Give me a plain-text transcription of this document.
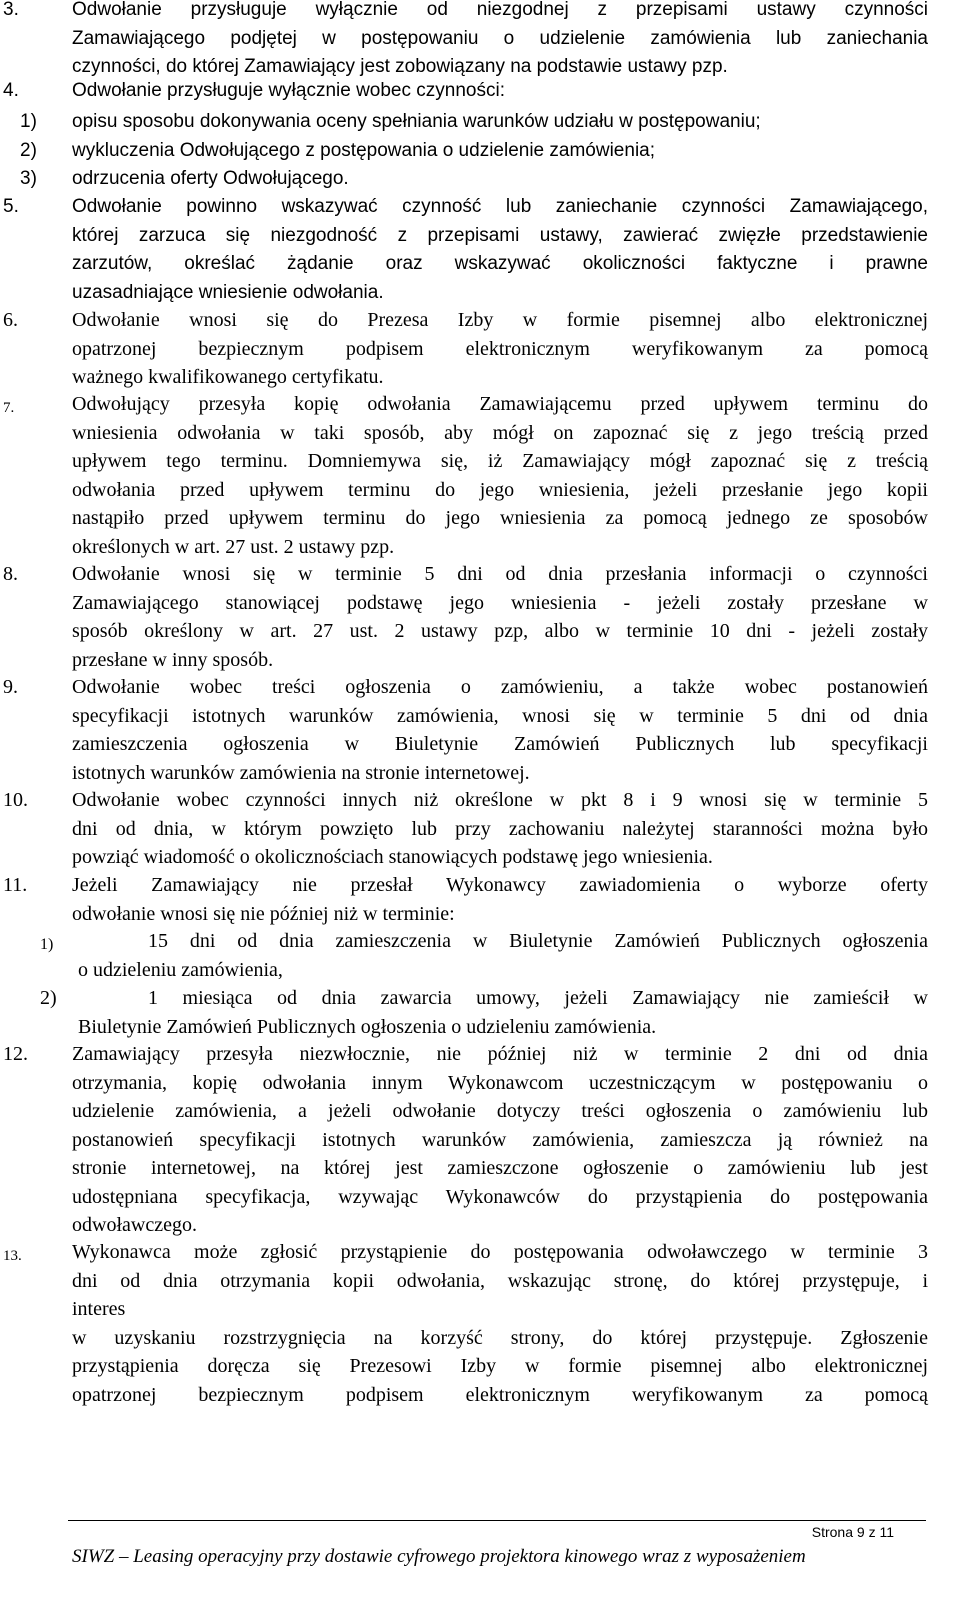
3.	Odwołanie przysługuje wyłącznie od niezgodnej z przepisami ustawy czynności
Zamawiającego podjętej w postępowaniu o udzielenie zamówienia lub zaniechania
czynności, do której Zamawiający jest zobowiązany na podstawie ustawy pzp.
4.	Odwołanie przysługuje wyłącznie wobec czynności:
1) opisu sposobu dokonywania oceny spełniania warunków udziału w postępowaniu;
2) wykluczenia Odwołującego z postępowania o udzielenie zamówienia;
3) odrzucenia oferty Odwołującego.
5.	Odwołanie powinno wskazywać czynność lub zaniechanie czynności Zamawiającego,
której zarzuca się niezgodność z przepisami ustawy, zawierać zwięzłe przedstawienie
zarzutów, określać żądanie oraz wskazywać okoliczności faktyczne i prawne
uzasadniające wniesienie odwołania.
6.	Odwołanie wnosi się do Prezesa Izby w formie pisemnej albo elektronicznej
opatrzonej bezpiecznym podpisem elektronicznym weryfikowanym za pomocą
ważnego kwalifikowanego certyfikatu.
7.	Odwołujący przesyła kopię odwołania Zamawiającemu przed upływem terminu do
wniesienia odwołania w taki sposób, aby mógł on zapoznać się z jego treścią przed
upływem tego terminu. Domniemywa się, iż Zamawiający mógł zapoznać się z treścią
odwołania przed upływem terminu do jego wniesienia, jeżeli przesłanie jego kopii
nastąpiło przed upływem terminu do jego wniesienia za pomocą jednego ze sposobów
określonych w art. 27 ust. 2 ustawy pzp.
8.	Odwołanie wnosi się w terminie 5 dni od dnia przesłania informacji o czynności
Zamawiającego stanowiącej podstawę jego wniesienia - jeżeli zostały przesłane w
sposób określony w art. 27 ust. 2 ustawy pzp, albo w terminie 10 dni - jeżeli zostały
przesłane w inny sposób.
9.	Odwołanie wobec treści ogłoszenia o zamówieniu, a także wobec postanowień
specyfikacji istotnych warunków zamówienia, wnosi się w terminie 5 dni od dnia
zamieszczenia ogłoszenia w Biuletynie Zamówień Publicznych lub specyfikacji
istotnych warunków zamówienia na stronie internetowej.
10. Odwołanie wobec czynności innych niż określone w pkt 8 i 9 wnosi się w terminie 5
dni od dnia, w którym powzięto lub przy zachowaniu należytej staranności można było
powziąć wiadomość o okolicznościach stanowiących podstawę jego wniesienia.
11. Jeżeli Zamawiający nie przesłał Wykonawcy zawiadomienia o wyborze oferty
odwołanie wnosi się nie później niż w terminie:
1)	15 dni od dnia zamieszczenia w Biuletynie Zamówień Publicznych ogłoszenia
o udzieleniu zamówienia,
2)	1 miesiąca od dnia zawarcia umowy, jeżeli Zamawiający nie zamieścił w
Biuletynie Zamówień Publicznych ogłoszenia o udzieleniu zamówienia.
12. Zamawiający przesyła niezwłocznie, nie później niż w terminie 2 dni od dnia
otrzymania, kopię odwołania innym Wykonawcom uczestniczącym w postępowaniu o
udzielenie zamówienia, a jeżeli odwołanie dotyczy treści ogłoszenia o zamówieniu lub
postanowień specyfikacji istotnych warunków zamówienia, zamieszcza ją również na
stronie internetowej, na której jest zamieszczone ogłoszenie o zamówieniu lub jest
udostępniana specyfikacja, wzywając Wykonawców do przystąpienia do postępowania
odwoławczego.
13.	Wykonawca może zgłosić przystąpienie do postępowania odwoławczego w terminie 3
dni od dnia otrzymania kopii odwołania, wskazując stronę, do której przystępuje, i
interes
w uzyskaniu rozstrzygnięcia na korzyść strony, do której przystępuje. Zgłoszenie
przystąpienia doręcza się Prezesowi Izby w formie pisemnej albo elektronicznej
opatrzonej bezpiecznym podpisem elektronicznym weryfikowanym za pomocą
Strona 9 z 11
SIWZ – Leasing operacyjny przy dostawie cyfrowego projektora kinowego wraz z wyposażeniem
